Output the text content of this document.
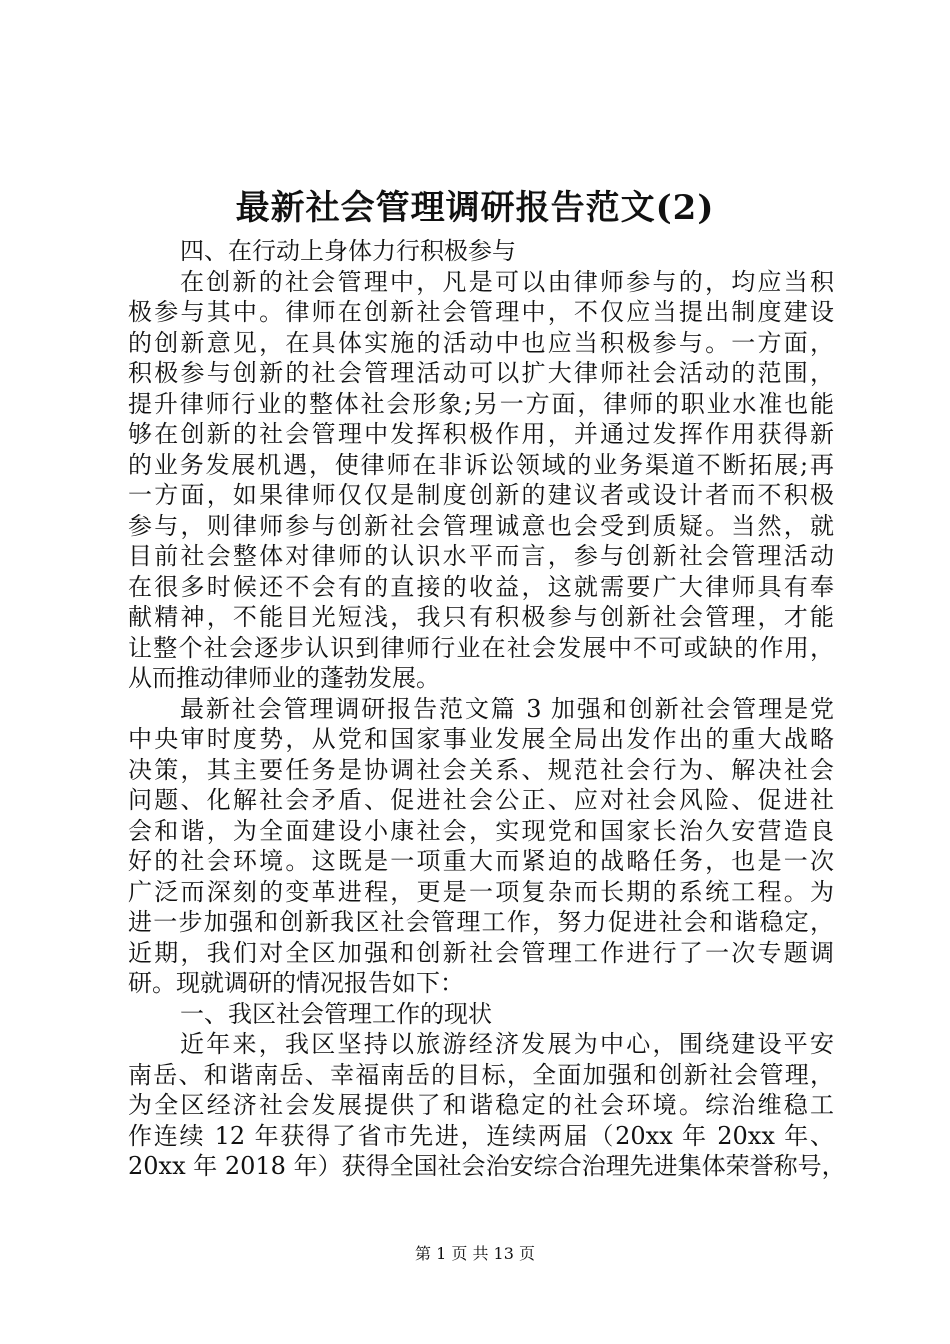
最新社会管理调研报告范文(2)
四、在行动上身体力行积极参与
在创新的社会管理中，凡是可以由律师参与的，均应当积
极参与其中。律师在创新社会管理中，不仅应当提出制度建设
的创新意见，在具体实施的活动中也应当积极参与。一方面，
积极参与创新的社会管理活动可以扩大律师社会活动的范围，
提升律师行业的整体社会形象;另一方面，律师的职业水准也能
够在创新的社会管理中发挥积极作用，并通过发挥作用获得新
的业务发展机遇，使律师在非诉讼领域的业务渠道不断拓展;再
一方面，如果律师仅仅是制度创新的建议者或设计者而不积极
参与，则律师参与创新社会管理诚意也会受到质疑。当然，就
目前社会整体对律师的认识水平而言，参与创新社会管理活动
在很多时候还不会有的直接的收益，这就需要广大律师具有奉
献精神，不能目光短浅，我只有积极参与创新社会管理，才能
让整个社会逐步认识到律师行业在社会发展中不可或缺的作用，
从而推动律师业的蓬勃发展。
最新社会管理调研报告范文篇 3 加强和创新社会管理是党
中央审时度势，从党和国家事业发展全局出发作出的重大战略
决策，其主要任务是协调社会关系、规范社会行为、解决社会
问题、化解社会矛盾、促进社会公正、应对社会风险、促进社
会和谐，为全面建设小康社会，实现党和国家长治久安营造良
好的社会环境。这既是一项重大而紧迫的战略任务，也是一次
广泛而深刻的变革进程，更是一项复杂而长期的系统工程。为
进一步加强和创新我区社会管理工作，努力促进社会和谐稳定，
近期，我们对全区加强和创新社会管理工作进行了一次专题调
研。现就调研的情况报告如下：
一、我区社会管理工作的现状
近年来，我区坚持以旅游经济发展为中心，围绕建设平安
南岳、和谐南岳、幸福南岳的目标，全面加强和创新社会管理，
为全区经济社会发展提供了和谐稳定的社会环境。综治维稳工
作连续 12 年获得了省市先进，连续两届（20xx 年 20xx 年、
20xx 年 2018 年）获得全国社会治安综合治理先进集体荣誉称号，
第 1 页 共 13 页
